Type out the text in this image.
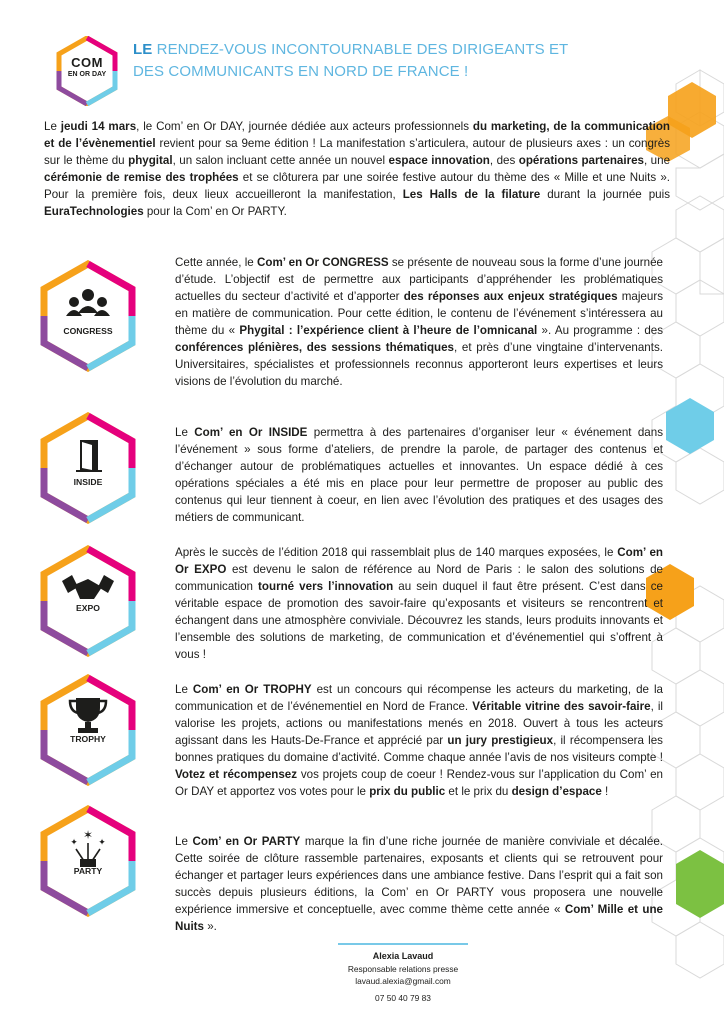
COM
EN OR DAY
LE RENDEZ-VOUS INCONTOURNABLE DES DIRIGEANTS ET
DES COMMUNICANTS EN NORD DE FRANCE !
Le jeudi 14 mars, le Com’ en Or DAY, journée dédiée aux acteurs professionnels du marketing, de la communication et de l’évènementiel revient pour sa 9eme édition ! La manifestation s’articulera, autour de plusieurs axes : un congrès sur le thème du phygital, un salon incluant cette année un nouvel espace innovation, des opérations partenaires, une cérémonie de remise des trophées et se clôturera par une soirée festive autour du thème des « Mille et une Nuits ». Pour la première fois, deux lieux accueilleront la manifestation, Les Halls de la filature durant la journée puis EuraTechnologies pour la Com’ en Or PARTY.
CONGRESS
INSIDE
EXPO
TROPHY
✶
✦ ✦
PARTY
Cette année, le Com’ en Or CONGRESS se présente de nouveau sous la forme d’une journée d’étude. L’objectif est de permettre aux participants d’appréhender les problématiques actuelles du secteur d’activité et d’apporter des réponses aux enjeux stratégiques majeurs en matière de communication. Pour cette édition, le contenu de l’événement s’intéressera au thème du « Phygital : l’expérience client à l’heure de l’omnicanal ». Au programme : des conférences plénières, des sessions thématiques, et près d’une vingtaine d’intervenants. Universitaires, spécialistes et professionnels reconnus apporteront leurs expertises et leurs visions de l’évolution du marché.
Le Com’ en Or INSIDE permettra à des partenaires d’organiser leur « événement dans l’événement » sous forme d’ateliers, de prendre la parole, de partager des contenus et d’échanger autour de problématiques actuelles et innovantes. Un espace dédié à ces opérations spéciales a été mis en place pour leur permettre de proposer au public des contenus qui leur tiennent à coeur, en lien avec l’évolution des pratiques et des usages des métiers de communicant.
Après le succès de l’édition 2018 qui rassemblait plus de 140 marques exposées, le Com’ en Or EXPO est devenu le salon de référence au Nord de Paris : le salon des solutions de communication tourné vers l’innovation au sein duquel il faut être présent. C’est dans ce véritable espace de promotion des savoir-faire qu’exposants et visiteurs se rencontrent et échangent dans une atmosphère conviviale. Découvrez les stands, leurs produits innovants et l’ensemble des solutions de marketing, de communication et d’événementiel qui s’offrent à vous !
Le Com’ en Or TROPHY est un concours qui récompense les acteurs du marketing, de la communication et de l’événementiel en Nord de France. Véritable vitrine des savoir-faire, il valorise les projets, actions ou manifestations menés en 2018. Ouvert à tous les acteurs agissant dans les Hauts-De-France et apprécié par un jury prestigieux, il récompensera les bonnes pratiques du domaine d’activité. Comme chaque année l’avis de nos visiteurs compte ! Votez et récompensez vos projets coup de coeur ! Rendez-vous sur l’application du Com’ en Or DAY et apportez vos votes pour le prix du public et le prix du design d’espace !
Le Com’ en Or PARTY marque la fin d’une riche journée de manière conviviale et décalée. Cette soirée de clôture rassemble partenaires, exposants et clients qui se retrouvent pour échanger et partager leurs expériences dans une ambiance festive. Dans l’esprit qui a fait son succès depuis plusieurs éditions, la Com’ en Or PARTY vous proposera une nouvelle expérience immersive et conceptuelle, avec comme thème cette année « Com’ Mille et une Nuits ».
Alexia Lavaud
Responsable relations presse
lavaud.alexia@gmail.com
07 50 40 79 83
